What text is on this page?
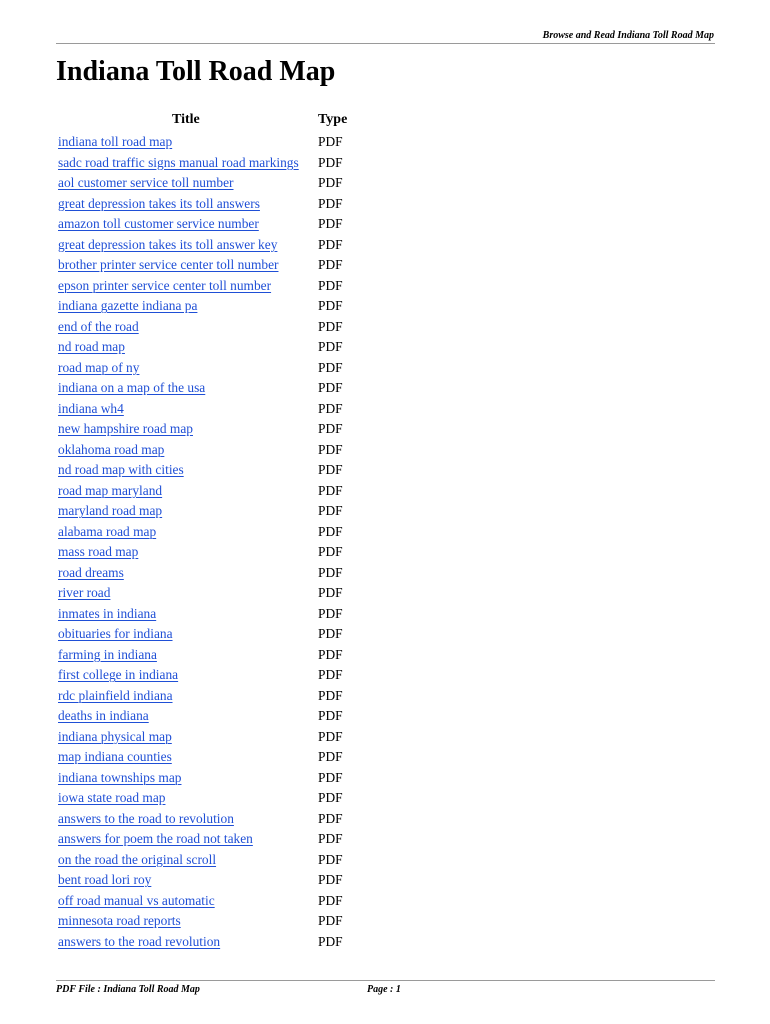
Browse and Read Indiana Toll Road Map
Indiana Toll Road Map
Title	Type
indiana toll road map	PDF
sadc road traffic signs manual road markings PDF
aol customer service toll number	PDF
great depression takes its toll answers	PDF
amazon toll customer service number	PDF
great depression takes its toll answer key	PDF
brother printer service center toll number	PDF
epson printer service center toll number	PDF
indiana gazette indiana pa	PDF
end of the road	PDF
nd road map	PDF
road map of ny	PDF
indiana on a map of the usa	PDF
indiana wh4	PDF
new hampshire road map	PDF
oklahoma road map	PDF
nd road map with cities	PDF
road map maryland	PDF
maryland road map	PDF
alabama road map	PDF
mass road map	PDF
road dreams	PDF
river road	PDF
inmates in indiana	PDF
obituaries for indiana	PDF
farming in indiana	PDF
first college in indiana	PDF
rdc plainfield indiana	PDF
deaths in indiana	PDF
indiana physical map	PDF
map indiana counties	PDF
indiana townships map	PDF
iowa state road map	PDF
answers to the road to revolution	PDF
answers for poem the road not taken	PDF
on the road the original scroll	PDF
bent road lori roy	PDF
off road manual vs automatic	PDF
minnesota road reports	PDF
answers to the road revolution	PDF
PDF File : Indiana Toll Road Map	Page : 1
